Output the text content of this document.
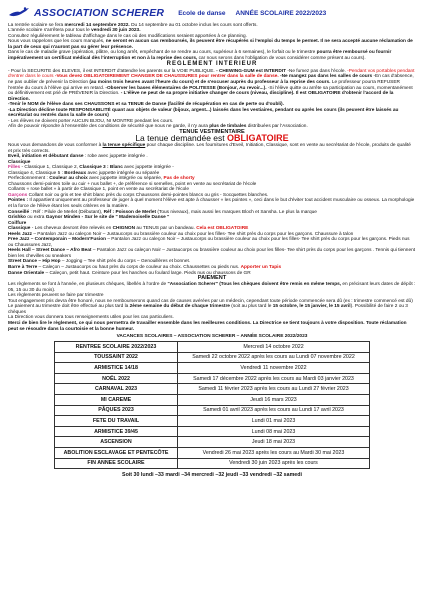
ASSOCIATION SCHERER Ecole de danse ANNÉE SCOLAIRE 2022/2023

La rentrée scolaire se fera mercredi 14 septembre 2022. Du 14 septembre au 01 octobre inclus les cours sont offerts.

L'année scolaire s'arrêtera pour tous le vendredi 30 juin 2023.

Consultez régulièrement le tableau d'affichage dans le cas où des modifications seraient apportées à ce planning.

Nous vous rappelons que les cours manqués, ne seront en aucun cas remboursés, ils peuvent être récupérés si l'emploi du temps le permet. Il ne sera accepté aucune réclamation de la part de ceux qui n'auront pas su gérer leur présence.

Dans le cas de maladie grave (opération, plâtre, ou long arrêt, empêchant de se rendre au cours, supérieur à 6 semaines), le forfait ou le trimestre pourra être remboursé ou fournir impérativement un certificat médical dès l'interruption et non à la reprise des cours, car nous serons dans l'obligation de vous considérer comme présent au cours).

REGLEMENT INTERIEUR

- Pour la SECURITE des ELEVES, il est INTERDIT d'attendre les parents sur la VOIE PUBLIQUE. - CHEWING-GUM est INTERDIT -Ne fumez pas dans l'école. -Pendant vos portables pendant d'entrer dans le cours -Vous devez OBLIGATOIREMENT CHANGER DE CHAUSSURES pour rentrer dans la salle de danse. -Ne mangez pas dans les salles de cours -En cas d'absence, ne pas oublier de prévenir la Direction (au moins trois heures avant l'heure du cours) et de s'excuser auprès du professeur à la reprise des cours. Le professeur pourra REFUSER l'entrée du cours à l'élève qui arrive en retard. -Observer les bases élémentaires de POLITESSE (Bonjour, Au revoir...). -Si l'élève quitte ou arrête sa participation au cours, momentanément ou définitivement est prié de PRÉVENIR la Direction. - L'élève ne peut de sa propre initiative changer de cours (niveau, discipline). Il est OBLIGATOIRE d'obtenir l'accord de la Direction.

-Tenir le NOM de l'élève dans ses CHAUSSONS et sa TENUE de Danse (facilité de récupération en cas de perte ou d'oubli).

-La Direction décline toute RESPONSABILITÉ quant aux objets de valeur (bijoux, argent...) laissés dans les vestiaires, pendant ou après les cours (ils peuvent être laissés au secrétariat ou rentrés dans la salle de cours)

- Les élèves ne doivent porter AUCUN BIJOU, NI MONTRE pendant les cours.

Afin de pouvoir répondre à l'ensemble des conditions de sécurité que nous ne garde, il n'y aura plus de timbales distribuées par l'Association.

TENUE VESTIMENTAIRE
La tenue demandée est OBLIGATOIRE

Nous vous demandons de vous conformer à la tenue spécifique pour chaque discipline. Les fournitures d'Eveil, Initiation, Classique, sont en vente au secrétariat de l'école, produits de qualité et prix très corrects.

Eveil, initiation et débutant danse : robe avec juppette intégrée .

Classique

Filles - Classique 1, Classique 2, Classique 3 : Blanc avec juppette intégrée -

Classique 4, Classique 5 : Bordeaux avec juppette intégrée ou séparée

Perfectionnement : Couleur au choix avec juppette intégrée ou séparée, Pas de shorty

Chaussons demi-pointes toile ou cuir + nus ballet +, de préférence si semelles, point en vente au secrétariat de l'école

Collants « rose ballet » à partir de Classique 1, point en vente au secrétariat de l'école

Garçons Collant noir ou gris et tee shirt blanc près du corps Chaussons demi-pointes blancs ou gris - Socquettes blanches.

Pointes : Il appartient uniquement au professeur de juger à quel moment l'élève est apte à chausser « les pointes », ceci dans le but d'éviter tout accident musculaire ou osseux. La morphologie et la force de l'élève étant les seuls critères en la matière.

Conseillé : Réf : Pilule de Merlet (Débutant), Réf : Poisson de Merlet (Tous niveaux), mais aussi les marques Bloch et Sansha. Le plus la marque

Grishko ou extra Gaynor Minden - Sur le site de " Mademoiselle Danse "

Coiffure

Classique - Les cheveux devront être relevés en CHIGNON au TENUS par un bandeau. Cela est OBLIGATOIRE

Heels Jazz – Pantalon Jazz ou caleçon Noir – Justaucorps ou brassière couleur au choix pour les filles- Tee shirt près du corps pour les garçons. Chaussure à talon

Free Jazz – Contemporain – Modern'Fusion – Pantalon Jazz ou caleçon Noir – Justaucorps ou brassière couleur au choix pour les filles- Tee shirt près du corps pour les garçons. Pieds nus ou Chaussures Jazz,

Heels Hall – Street Dance – Afro Beat – Pantalon Jazz ou caleçon Noir – Justaucorps ou brassière couleur au choix pour les filles- Tee shirt près du corps pour les garçons . Tennis qui tiennent bien les chevilles ou sneakers

Street Dance – Hip Hop – Jogging – Tee shirt près du corps – Genouillères et bonnet.

Barre à Terre – Caleçon – Justaucorps ou haut près du corps de couleur au choix. Chaussettes ou pieds nus. Apporter un Tapis

Danse Orientale – Caleçon, petit haut. Ceinture pour les hanches ou foulard large. Pieds nus ou chaussons de GR

PAIEMENT

Les règlements se font à l'année, en plusieurs chèques, libellés à l'ordre de "Association Scherer" (Tous les chèques doivent être remis en même temps, en précisant leurs dates de dépôt : 05, 15 ou 30 du mois).

Les règlements peuvent se faire par trimestre

Tout engagement pris devra être honoré, nous ne rembourserons quand cas de causes avérées par un médecin, cependant toute période commencée sera dû (ex : trimestre commencé est dû)

Le paiement au trimestre doit être effectué au plus tard la 2ème semaine du début de chaque trimestre (soit au plus tard le 15 octobre, le 15 janvier, le 15 avril). Possibilité de faire 2 ou 3 chèques

La Direction vous donnera tous renseignements utiles pour les cas particuliers.

Merci de bien lire le règlement, ce qui nous permettra de travailler ensemble dans les meilleures conditions. La Directrice se tient toujours à votre disposition. Toute réclamation peut se résoudre dans la courtoisie et la bonne humeur.

VACANCES SCOLAIRES – ASSOCIATION SCHERER – ANNÉE SCOLAIRE 2022/2023
RENTREE SCOLAIRE 2022/2023	Mercredi 14 octobre 2022
TOUSSAINT 2022	Samedi 22 octobre 2022 après les cours au Lundi 07 novembre 2022
ARMISTICE 14/18	Vendredi 11 novembre 2022
NOËL 2022	Samedi 17 décembre 2022 après les cours au Mardi 03 janvier 2023
CARNAVAL 2023	Samedi 11 février 2023 après les cours au Lundi 27 février 2023
MI CAREME	Jeudi 16 mars 2023
PÂQUES 2023	Samedi 01 avril 2023 après les cours au Lundi 17 avril 2023
FETE DU TRAVAIL	Lundi 01 mai 2023
ARMISTICE 39/45	Lundi 08 mai 2023
ASCENSION	Jeudi 18 mai 2023
ABOLITION ESCLAVAGE ET PENTECÔTE	Vendredi 26 mai 2023 après les cours au Mardi 30 mai 2023
FIN ANNEE SCOLAIRE	Vendredi 30 juin 2023 après les cours
Soit 30 lundi –33 mardi –34 mercredi –32 jeudi –33 vendredi –32 samedi
